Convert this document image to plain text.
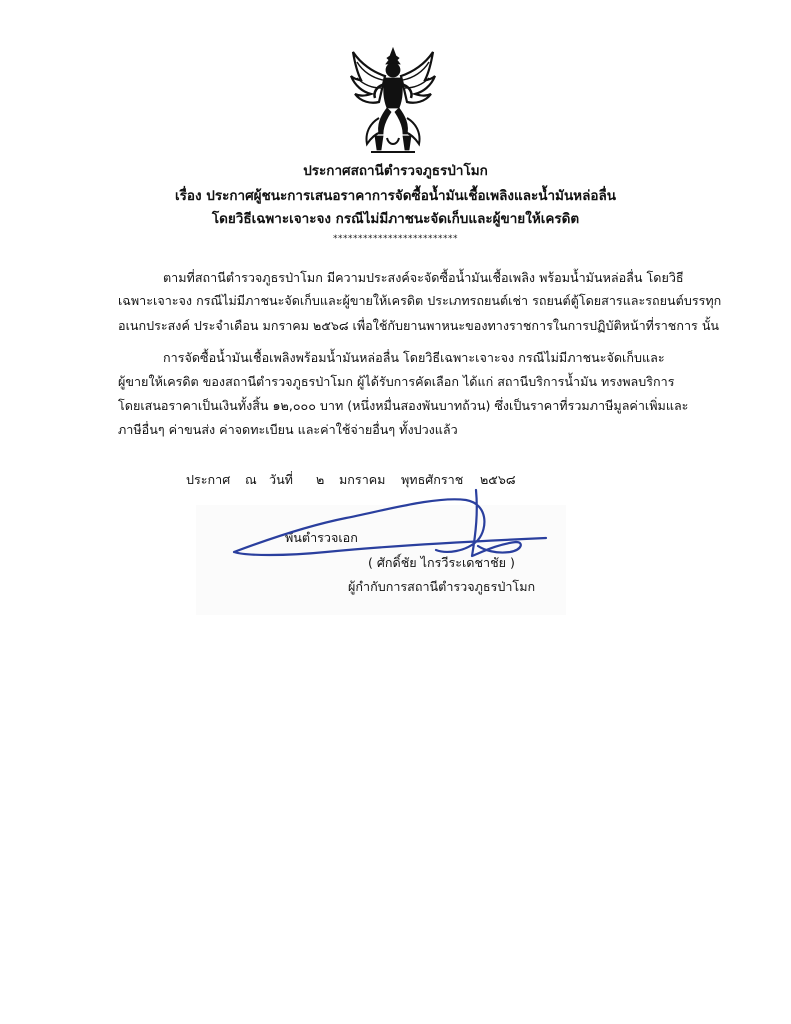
ประกาศสถานีตำรวจภูธรป่าโมก
เรื่อง ประกาศผู้ชนะการเสนอราคาการจัดซื้อน้ำมันเชื้อเพลิงและน้ำมันหล่อลื่น
โดยวิธีเฉพาะเจาะจง กรณีไม่มีภาชนะจัดเก็บและผู้ขายให้เครดิต
*************************
ตามที่สถานีตำรวจภูธรป่าโมก มีความประสงค์จะจัดซื้อน้ำมันเชื้อเพลิง พร้อมน้ำมันหล่อลื่น โดยวิธี
เฉพาะเจาะจง กรณีไม่มีภาชนะจัดเก็บและผู้ขายให้เครดิต ประเภทรถยนต์เช่า รถยนต์ตู้โดยสารและรถยนต์บรรทุก
อเนกประสงค์ ประจำเดือน มกราคม ๒๕๖๘ เพื่อใช้กับยานพาหนะของทางราชการในการปฏิบัติหน้าที่ราชการ นั้น
การจัดซื้อน้ำมันเชื้อเพลิงพร้อมน้ำมันหล่อลื่น โดยวิธีเฉพาะเจาะจง กรณีไม่มีภาชนะจัดเก็บและ
ผู้ขายให้เครดิต ของสถานีตำรวจภูธรป่าโมก ผู้ได้รับการคัดเลือก ได้แก่ สถานีบริการน้ำมัน ทรงพลบริการ
โดยเสนอราคาเป็นเงินทั้งสิ้น ๑๒,๐๐๐ บาท (หนึ่งหมื่นสองพันบาทถ้วน) ซึ่งเป็นราคาที่รวมภาษีมูลค่าเพิ่มและ
ภาษีอื่นๆ ค่าขนส่ง ค่าจดทะเบียน และค่าใช้จ่ายอื่นๆ ทั้งปวงแล้ว
ประกาศ ณ วันที่ ๒ มกราคม พุทธศักราช ๒๕๖๘
พันตำรวจเอก
( ศักดิ์ชัย ไกรวีระเดชาชัย )
ผู้กำกับการสถานีตำรวจภูธรป่าโมก
